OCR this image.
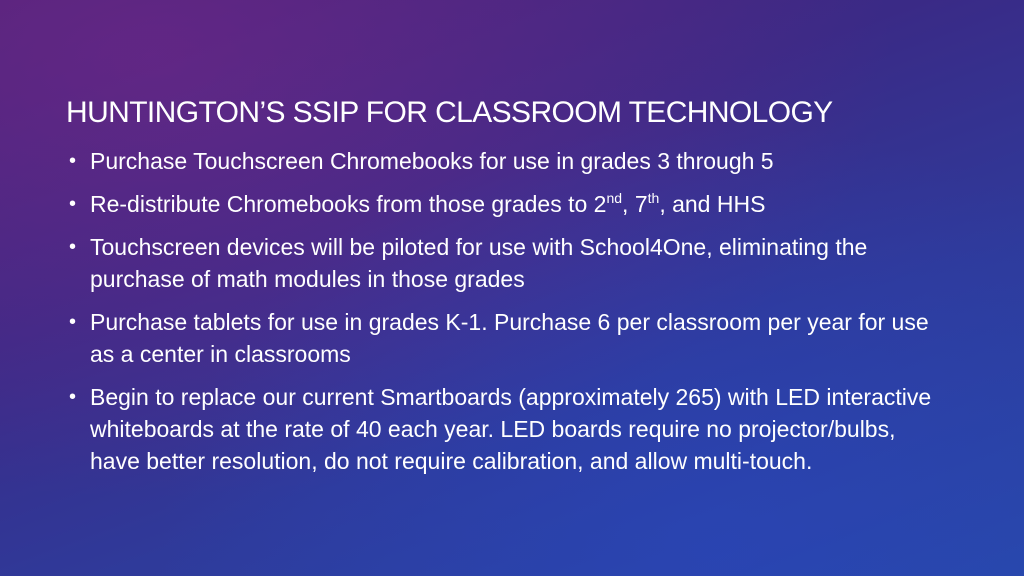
HUNTINGTON’S SSIP FOR CLASSROOM TECHNOLOGY
• Purchase Touchscreen Chromebooks for use in grades 3 through 5
• Re-distribute Chromebooks from those grades to 2nd, 7th, and HHS
• Touchscreen devices will be piloted for use with School4One, eliminating the purchase of math modules in those grades
• Purchase tablets for use in grades K-1. Purchase 6 per classroom per year for use as a center in classrooms
• Begin to replace our current Smartboards (approximately 265) with LED interactive whiteboards at the rate of 40 each year. LED boards require no projector/bulbs, have better resolution, do not require calibration, and allow multi-touch.
